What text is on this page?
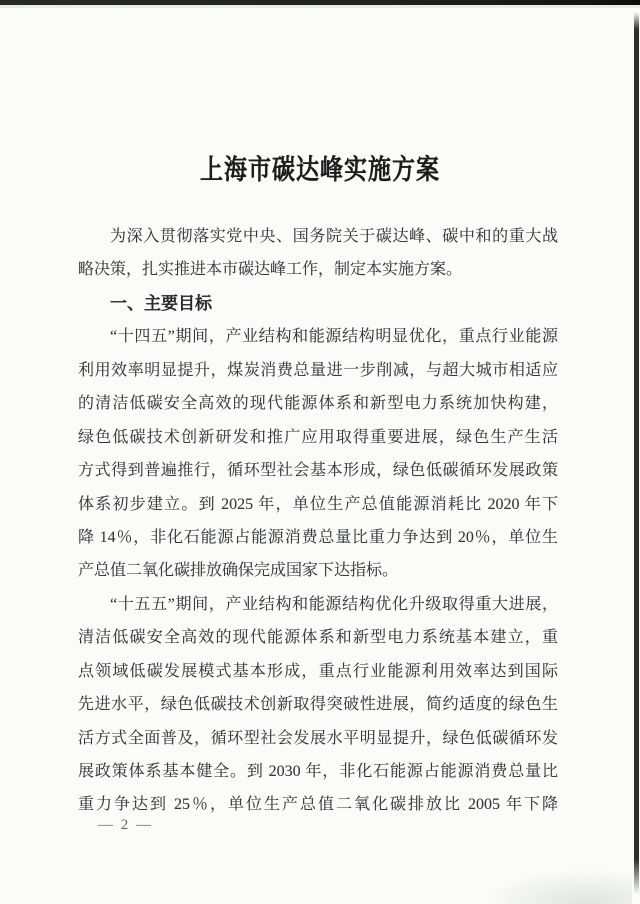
上海市碳达峰实施方案
为深入贯彻落实党中央、国务院关于碳达峰、碳中和的重大战
略决策，扎实推进本市碳达峰工作，制定本实施方案。
一、主要目标
“十四五”期间，产业结构和能源结构明显优化，重点行业能源
利用效率明显提升，煤炭消费总量进一步削减，与超大城市相适应
的清洁低碳安全高效的现代能源体系和新型电力系统加快构建，
绿色低碳技术创新研发和推广应用取得重要进展，绿色生产生活
方式得到普遍推行，循环型社会基本形成，绿色低碳循环发展政策
体系初步建立。到 2025 年，单位生产总值能源消耗比 2020 年下
降 14％，非化石能源占能源消费总量比重力争达到 20％，单位生
产总值二氧化碳排放确保完成国家下达指标。
“十五五”期间，产业结构和能源结构优化升级取得重大进展，
清洁低碳安全高效的现代能源体系和新型电力系统基本建立，重
点领域低碳发展模式基本形成，重点行业能源利用效率达到国际
先进水平，绿色低碳技术创新取得突破性进展，简约适度的绿色生
活方式全面普及，循环型社会发展水平明显提升，绿色低碳循环发
展政策体系基本健全。到 2030 年，非化石能源占能源消费总量比
重力争达到 25％，单位生产总值二氧化碳排放比 2005 年下降
— 2 —
